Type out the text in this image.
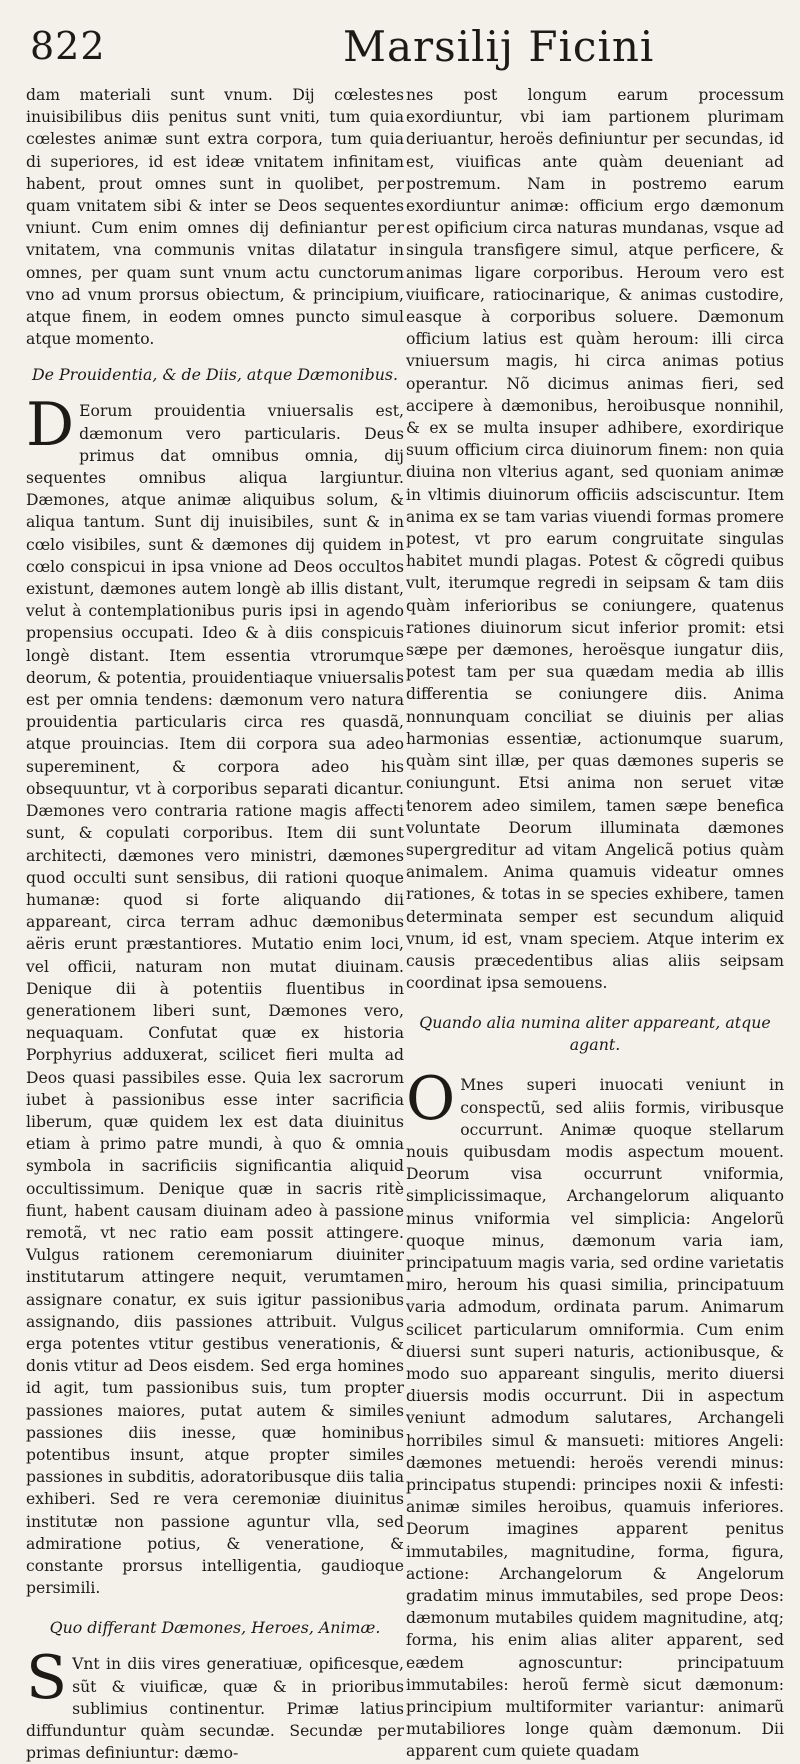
822	Marsilij Ficini

dam materiali sunt vnum. Dij cœlestes inuisibilibus diis penitus sunt vniti, tum quia cœlestes animæ sunt extra corpora, tum quia di superiores, id est ideæ vnitatem infinitam habent, prout omnes sunt in quolibet, per quam vnitatem sibi & inter se Deos sequentes vniunt. Cum enim omnes dij definiantur per vnitatem, vna communis vnitas dilatatur in omnes, per quam sunt vnum actu cunctorum vno ad vnum prorsus obiectum, & principium, atque finem, in eodem omnes puncto simul atque momento.

De Prouidentia, & de Diis, atque Dæmonibus.

D Eorum prouidentia vniuersalis est, dæmonum vero particularis. Deus primus dat omnibus omnia, dij sequentes omnibus aliqua largiuntur. Dæmones, atque animæ aliquibus solum, & aliqua tantum. Sunt dij inuisibiles, sunt & in cœlo visibiles, sunt & dæmones dij quidem in cœlo conspicui in ipsa vnione ad Deos occultos existunt, dæmones autem longè ab illis distant, velut à contemplationibus puris ipsi in agendo propensius occupati. Ideo & à diis conspicuis longè distant. Item essentia vtrorumque deorum, & potentia, prouidentiaque vniuersalis est per omnia tendens: dæmonum vero natura prouidentia particularis circa res quasdã, atque prouincias. Item dii corpora sua adeo supereminent, & corpora adeo his obsequuntur, vt à corporibus separati dicantur. Dæmones vero contraria ratione magis affecti sunt, & copulati corporibus. Item dii sunt architecti, dæmones vero ministri, dæmones quod occulti sunt sensibus, dii rationi quoque humanæ: quod si forte aliquando dii appareant, circa terram adhuc dæmonibus aëris erunt præstantiores. Mutatio enim loci, vel officii, naturam non mutat diuinam. Denique dii à potentiis fluentibus in generationem liberi sunt, Dæmones vero, nequaquam. Confutat quæ ex historia Porphyrius adduxerat, scilicet fieri multa ad Deos quasi passibiles esse. Quia lex sacrorum iubet à passionibus esse inter sacrificia liberum, quæ quidem lex est data diuinitus etiam à primo patre mundi, à quo & omnia symbola in sacrificiis significantia aliquid occultissimum. Denique quæ in sacris ritè fiunt, habent causam diuinam adeo à passione remotã, vt nec ratio eam possit attingere. Vulgus rationem ceremoniarum diuiniter institutarum attingere nequit, verumtamen assignare conatur, ex suis igitur passionibus assignando, diis passiones attribuit. Vulgus erga potentes vtitur gestibus venerationis, & donis vtitur ad Deos eisdem. Sed erga homines id agit, tum passionibus suis, tum propter passiones maiores, putat autem & similes passiones diis inesse, quæ hominibus potentibus insunt, atque propter similes passiones in subditis, adoratoribusque diis talia exhiberi. Sed re vera ceremoniæ diuinitus institutæ non passione aguntur vlla, sed admiratione potius, & veneratione, & constante prorsus intelligentia, gaudioque persimili.

Quo differant Dæmones, Heroes, Animæ.

S Vnt in diis vires generatiuæ, opificesque, sũt & viuificæ, quæ & in prioribus sublimius continentur. Primæ latius diffunduntur quàm secundæ. Secundæ per primas definiuntur: dæmo-

nes post longum earum processum exordiuntur, vbi iam partionem plurimam deriuantur, heroës definiuntur per secundas, id est, viuificas ante quàm deueniant ad postremum. Nam in postremo earum exordiuntur animæ: officium ergo dæmonum est opificium circa naturas mundanas, vsque ad singula transfigere simul, atque perficere, & animas ligare corporibus. Heroum vero est viuificare, ratiocinarique, & animas custodire, easque à corporibus soluere. Dæmonum officium latius est quàm heroum: illi circa vniuersum magis, hi circa animas potius operantur. Nõ dicimus animas fieri, sed accipere à dæmonibus, heroibusque nonnihil, & ex se multa insuper adhibere, exordirique suum officium circa diuinorum finem: non quia diuina non vlterius agant, sed quoniam animæ in vltimis diuinorum officiis adsciscuntur. Item anima ex se tam varias viuendi formas promere potest, vt pro earum congruitate singulas habitet mundi plagas. Potest & cõgredi quibus vult, iterumque regredi in seipsam & tam diis quàm inferioribus se coniungere, quatenus rationes diuinorum sicut inferior promit: etsi sæpe per dæmones, heroësque iungatur diis, potest tam per sua quædam media ab illis differentia se coniungere diis. Anima nonnunquam conciliat se diuinis per alias harmonias essentiæ, actionumque suarum, quàm sint illæ, per quas dæmones superis se coniungunt. Etsi anima non seruet vitæ tenorem adeo similem, tamen sæpe benefica voluntate Deorum illuminata dæmones supergreditur ad vitam Angelicã potius quàm animalem. Anima quamuis videatur omnes rationes, & totas in se species exhibere, tamen determinata semper est secundum aliquid vnum, id est, vnam speciem. Atque interim ex causis præcedentibus alias aliis seipsam coordinat ipsa semouens.

Quando alia numina aliter appareant, atque agant.

O Mnes superi inuocati veniunt in conspectũ, sed aliis formis, viribusque occurrunt. Animæ quoque stellarum nouis quibusdam modis aspectum mouent. Deorum visa occurrunt vniformia, simplicissimaque, Archangelorum aliquanto minus vniformia vel simplicia: Angelorũ quoque minus, dæmonum varia iam, principatuum magis varia, sed ordine varietatis miro, heroum his quasi similia, principatuum varia admodum, ordinata parum. Animarum scilicet particularum omniformia. Cum enim diuersi sunt superi naturis, actionibusque, & modo suo appareant singulis, merito diuersi diuersis modis occurrunt. Dii in aspectum veniunt admodum salutares, Archangeli horribiles simul & mansueti: mitiores Angeli: dæmones metuendi: heroës verendi minus: principatus stupendi: principes noxii & infesti: animæ similes heroibus, quamuis inferiores. Deorum imagines apparent penitus immutabiles, magnitudine, forma, figura, actione: Archangelorum & Angelorum gradatim minus immutabiles, sed prope Deos: dæmonum mutabiles quidem magnitudine, atq; forma, his enim alias aliter apparent, sed eædem agnoscuntur: principatuum immutabiles: heroũ fermè sicut dæmonum: principium multiformiter variantur: animarũ mutabiliores longe quàm dæmonum. Dii apparent cum quiete quadam
